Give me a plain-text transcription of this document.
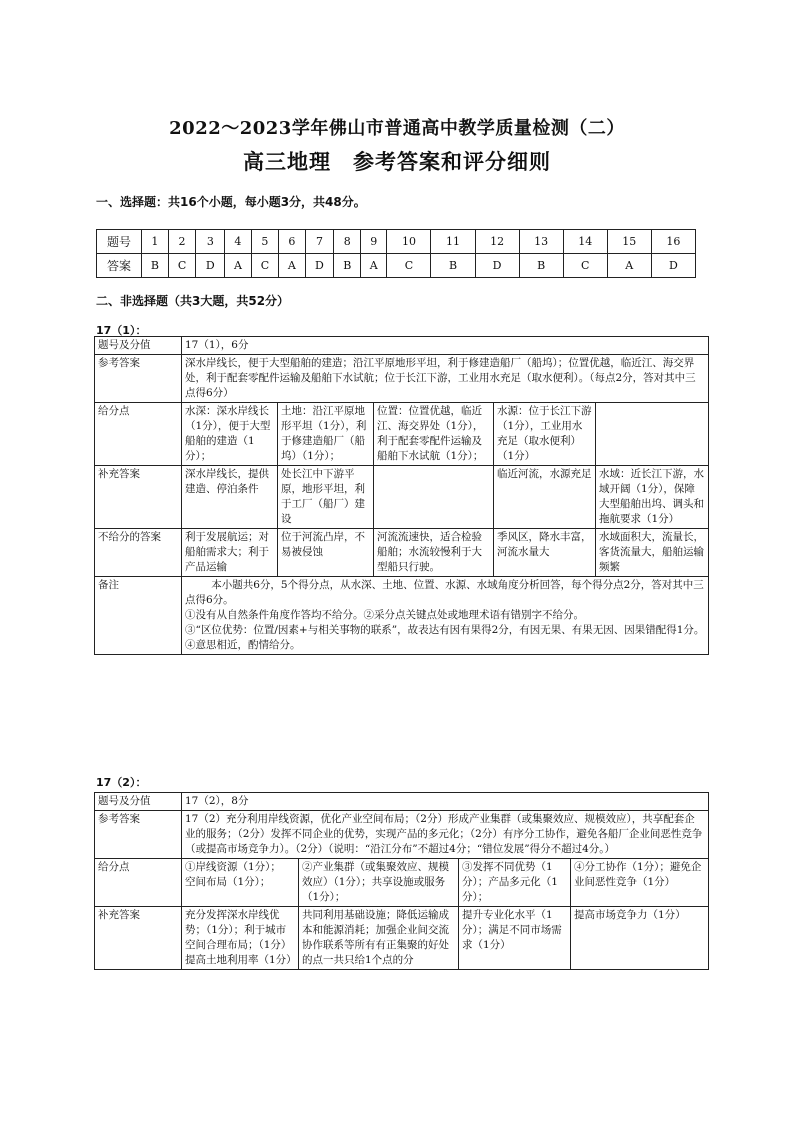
2022～2023学年佛山市普通高中教学质量检测（二）
高三地理　参考答案和评分细则
一、选择题：共16个小题，每小题3分，共48分。
题号	1	2	3	4	5	6	7	8	9	10	11	12	13	14	15	16
答案	B	C	D	A	C	A	D	B	A	C	B	D	B	C	A	D
二、非选择题（共3大题，共52分）
17（1）：
题号及分值	17（1），6分				
参考答案	深水岸线长，便于大型船舶的建造；沿江平原地形平坦，利于修建造船厂（船坞）；位置优越，临近江、海交界处，利于配套零配件运输及船舶下水试航；位于长江下游，工业用水充足（取水便利）。（每点2分，答对其中三点得6分）				
给分点	水深：深水岸线长（1分），便于大型船舶的建造（1分）；	土地：沿江平原地形平坦（1分），利于修建造船厂（船坞）（1分）；	位置：位置优越，临近江、海交界处（1分），利于配套零配件运输及船舶下水试航（1分）；	水源：位于长江下游（1分），工业用水充足（取水便利）（1分）	
补充答案	深水岸线长，提供建造、停泊条件	处长江中下游平原，地形平坦，利于工厂（船厂）建设		临近河流，水源充足	水域：近长江下游，水域开阔（1分），保障大型船舶出坞、调头和拖航要求（1分）
不给分的答案	利于发展航运；对船舶需求大；利于产品运输	位于河流凸岸，不易被侵蚀	河流流速快，适合检验船舶；水流较慢利于大型船只行驶。	季风区，降水丰富，河流水量大	水域面积大，流量长，客货流量大，船舶运输频繁
备注	本小题共6分，5个得分点，从水深、土地、位置、水源、水域角度分析回答，每个得分点2分，答对其中三点得6分。

①没有从自然条件角度作答均不给分。②采分点关键点处或地理术语有错别字不给分。

③“区位优势：位置/因素+与相关事物的联系”，故表达有因有果得2分，有因无果、有果无因、因果错配得1分。④意思相近，酌情给分。				

17（2）：
题号及分值	17（2），8分			
参考答案	17（2）充分利用岸线资源，优化产业空间布局；（2分）形成产业集群（或集聚效应、规模效应），共享配套企业的服务；（2分）发挥不同企业的优势，实现产品的多元化；（2分）有序分工协作，避免各船厂企业间恶性竞争（或提高市场竞争力）。（2分）（说明：“沿江分布”不超过4分；“错位发展”得分不超过4分。）			
给分点	①岸线资源（1分）；　　　空间布局（1分）；	②产业集群（或集聚效应、规模效应）（1分）；共享设施或服务（1分）；	③发挥不同优势（1分）；产品多元化（1分）；	④分工协作（1分）；避免企业间恶性竞争（1分）
补充答案	充分发挥深水岸线优势；（1分）；利于城市空间合理布局；（1分）提高土地利用率（1分）	共同利用基础设施；降低运输成本和能源消耗；加强企业间交流协作联系等所有有正集聚的好处的点一共只给1个点的分	提升专业化水平（1分）；满足不同市场需求（1分）	提高市场竞争力（1分）
